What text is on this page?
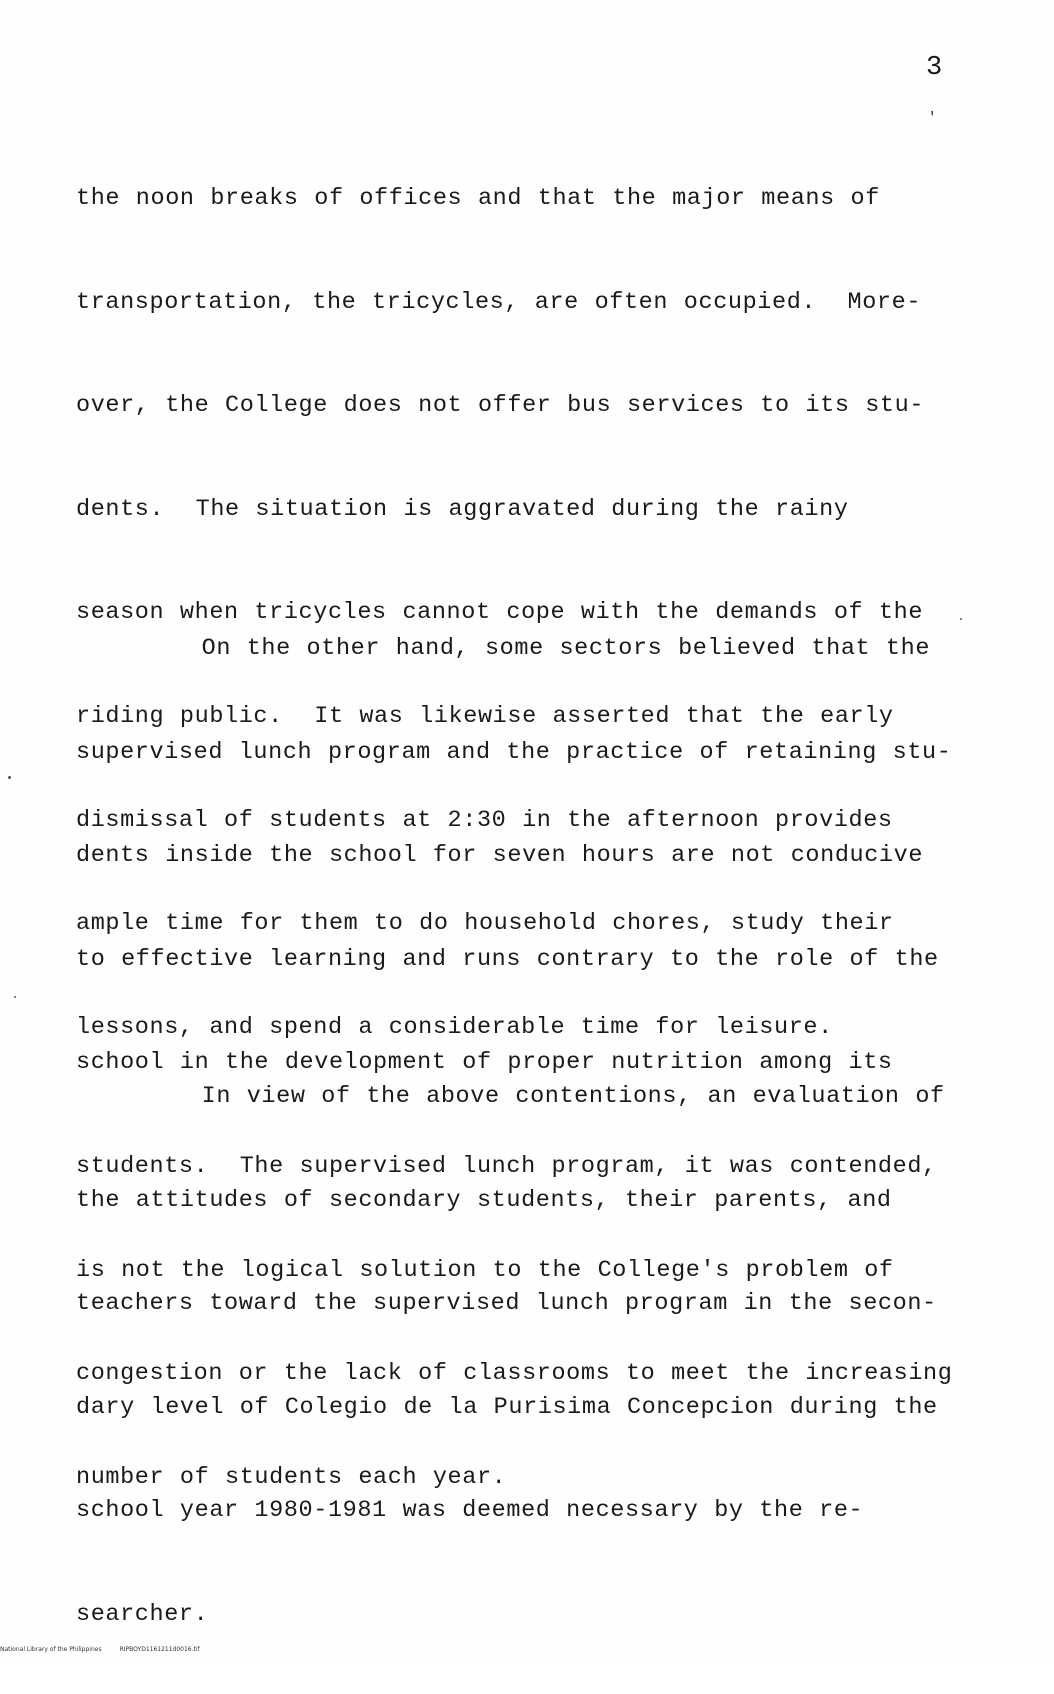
3
'

the noon breaks of offices and that the major means of

transportation, the tricycles, are often occupied.  More-

over, the College does not offer bus services to its stu-

dents.  The situation is aggravated during the rainy

season when tricycles cannot cope with the demands of the

riding public.  It was likewise asserted that the early

dismissal of students at 2:30 in the afternoon provides

ample time for them to do household chores, study their

lessons, and spend a considerable time for leisure.

On the other hand, some sectors believed that the

supervised lunch program and the practice of retaining stu-

dents inside the school for seven hours are not conducive

to effective learning and runs contrary to the role of the

school in the development of proper nutrition among its

students.  The supervised lunch program, it was contended,

is not the logical solution to the College's problem of

congestion or the lack of classrooms to meet the increasing

number of students each year.

In view of the above contentions, an evaluation of

the attitudes of secondary students, their parents, and

teachers toward the supervised lunch program in the secon-

dary level of Colegio de la Purisima Concepcion during the

school year 1980-1981 was deemed necessary by the re-

searcher.

National Library of the Philippines	RIPBOYD1161211d0016.tif
